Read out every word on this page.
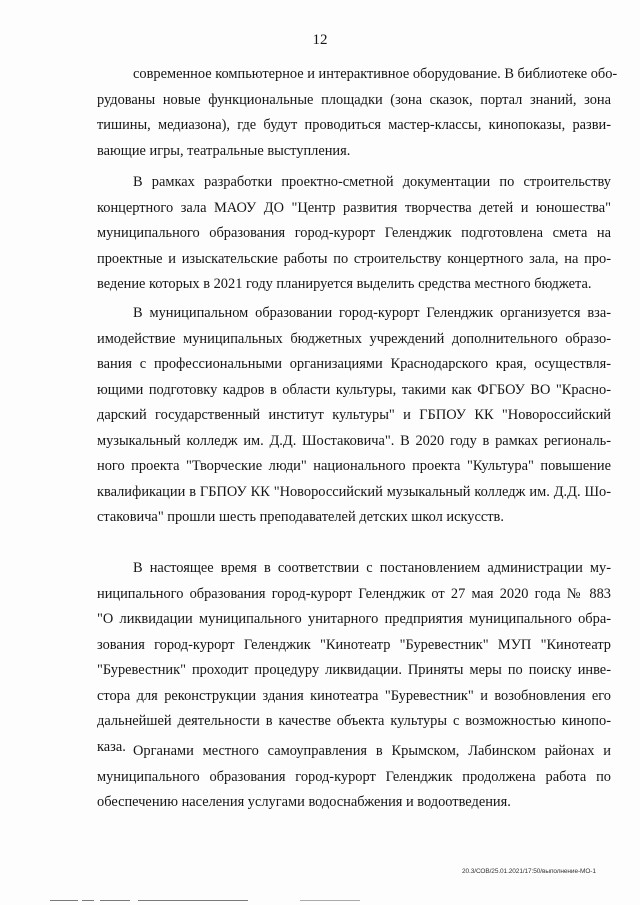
12
современное компьютерное и интерактивное оборудование. В библиотеке обо-
рудованы новые функциональные площадки (зона сказок, портал знаний, зона
тишины, медиазона), где будут проводиться мастер-классы, кинопоказы, разви-
вающие игры, театральные выступления.
В рамках разработки проектно-сметной документации по строительству
концертного зала МАОУ ДО "Центр развития творчества детей и юношества"
муниципального образования город-курорт Геленджик подготовлена смета на
проектные и изыскательские работы по строительству концертного зала, на про-
ведение которых в 2021 году планируется выделить средства местного бюджета.
В муниципальном образовании город-курорт Геленджик организуется вза-
имодействие муниципальных бюджетных учреждений дополнительного образо-
вания с профессиональными организациями Краснодарского края, осуществля-
ющими подготовку кадров в области культуры, такими как ФГБОУ ВО "Красно-
дарский государственный институт культуры" и ГБПОУ КК "Новороссийский
музыкальный колледж им. Д.Д. Шостаковича". В 2020 году в рамках региональ-
ного проекта "Творческие люди" национального проекта "Культура" повышение
квалификации в ГБПОУ КК "Новороссийский музыкальный колледж им. Д.Д. Шо-
стаковича" прошли шесть преподавателей детских школ искусств.
В настоящее время в соответствии с постановлением администрации му-
ниципального образования город-курорт Геленджик от 27 мая 2020 года № 883
"О ликвидации муниципального унитарного предприятия муниципального обра-
зования город-курорт Геленджик "Кинотеатр "Буревестник" МУП "Кинотеатр
"Буревестник" проходит процедуру ликвидации. Приняты меры по поиску инве-
стора для реконструкции здания кинотеатра "Буревестник" и возобновления его
дальнейшей деятельности в качестве объекта культуры с возможностью кинопо-
каза. Органами местного самоуправления в Крымском, Лабинском районах и
муниципального образования город-курорт Геленджик продолжена работа по
обеспечению населения услугами водоснабжения и водоотведения.
20.3/СОВ/25.01.2021/17:50/выполнение-МО-1
